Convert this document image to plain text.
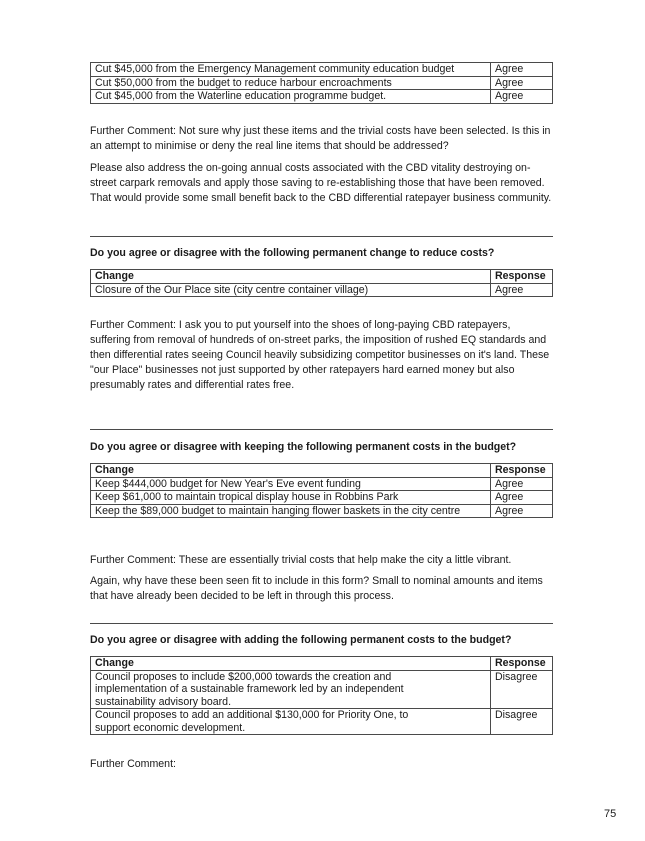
Cut $45,000 from the Emergency Management community education budget	Agree
Cut $50,000 from the budget to reduce harbour encroachments	Agree
Cut $45,000 from the Waterline education programme budget.	Agree

Further Comment: Not sure why just these items and the trivial costs have been selected. Is this in an attempt to minimise or deny the real line items that should be addressed?

Please also address the on-going annual costs associated with the CBD vitality destroying on-street carpark removals and apply those saving to re-establishing those that have been removed. That would provide some small benefit back to the CBD differential ratepayer business community.

Do you agree or disagree with the following permanent change to reduce costs?

Change	Response
Closure of the Our Place site (city centre container village)	Agree

Further Comment: I ask you to put yourself into the shoes of long-paying CBD ratepayers, suffering from removal of hundreds of on-street parks, the imposition of rushed EQ standards and then differential rates seeing Council heavily subsidizing competitor businesses on it's land. These "our Place" businesses not just supported by other ratepayers hard earned money but also presumably rates and differential rates free.

Do you agree or disagree with keeping the following permanent costs in the budget?

Change	Response
Keep $444,000 budget for New Year's Eve event funding	Agree
Keep $61,000 to maintain tropical display house in Robbins Park	Agree
Keep the $89,000 budget to maintain hanging flower baskets in the city centre	Agree

Further Comment: These are essentially trivial costs that help make the city a little vibrant.

Again, why have these been seen fit to include in this form? Small to nominal amounts and items that have already been decided to be left in through this process.

Do you agree or disagree with adding the following permanent costs to the budget?

Change	Response
Council proposes to include $200,000 towards the creation and implementation of a sustainable framework led by an independent sustainability advisory board.	Disagree
Council proposes to add an additional $130,000 for Priority One, to support economic development.	Disagree

Further Comment:

75
